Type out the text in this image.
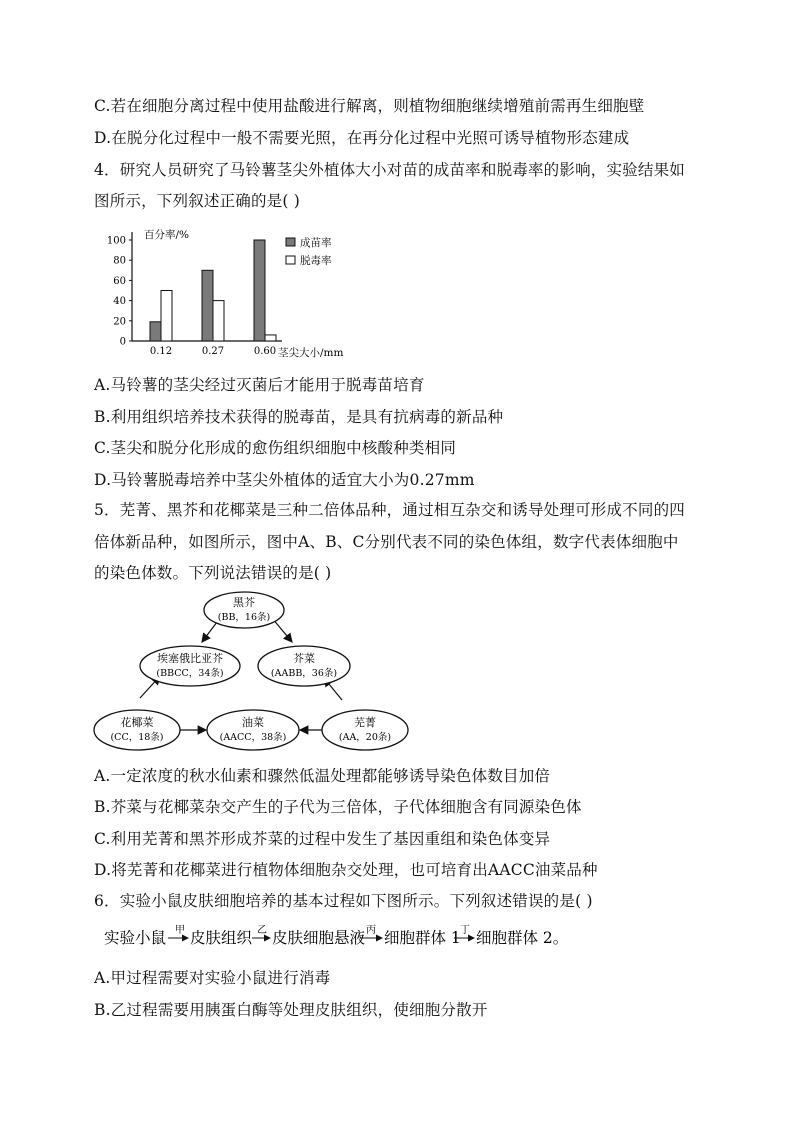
C.若在细胞分离过程中使用盐酸进行解离，则植物细胞继续增殖前需再生细胞壁
D.在脱分化过程中一般不需要光照，在再分化过程中光照可诱导植物形态建成
4．研究人员研究了马铃薯茎尖外植体大小对苗的成苗率和脱毒率的影响，实验结果如
图所示，下列叙述正确的是( )
0
20
40
60
80
100 百分率/%
0.12	0.27	0.60 茎尖大小/mm
成苗率
脱毒率
A.马铃薯的茎尖经过灭菌后才能用于脱毒苗培育
B.利用组织培养技术获得的脱毒苗，是具有抗病毒的新品种
C.茎尖和脱分化形成的愈伤组织细胞中核酸种类相同
D.马铃薯脱毒培养中茎尖外植体的适宜大小为0.27mm
5．芜菁、黑芥和花椰菜是三种二倍体品种，通过相互杂交和诱导处理可形成不同的四
倍体新品种，如图所示，图中A、B、C分别代表不同的染色体组，数字代表体细胞中
的染色体数。下列说法错误的是( )
黑芥
(BB，16条)
埃塞俄比亚芥
(BBCC，34条)
芥菜
(AABB，36条)
花椰菜
(CC，18条)
油菜
(AACC，38条)
芜菁
(AA，20条)
A.一定浓度的秋水仙素和骤然低温处理都能够诱导染色体数目加倍
B.芥菜与花椰菜杂交产生的子代为三倍体，子代体细胞含有同源染色体
C.利用芜菁和黑芥形成芥菜的过程中发生了基因重组和染色体变异
D.将芜菁和花椰菜进行植物体细胞杂交处理，也可培育出AACC油菜品种
6．实验小鼠皮肤细胞培养的基本过程如下图所示。下列叙述错误的是( )
实验小鼠 甲 皮肤组织 乙 皮肤细胞悬液 丙 细胞群体 1 丁 细胞群体 2。
A.甲过程需要对实验小鼠进行消毒
B.乙过程需要用胰蛋白酶等处理皮肤组织，使细胞分散开
